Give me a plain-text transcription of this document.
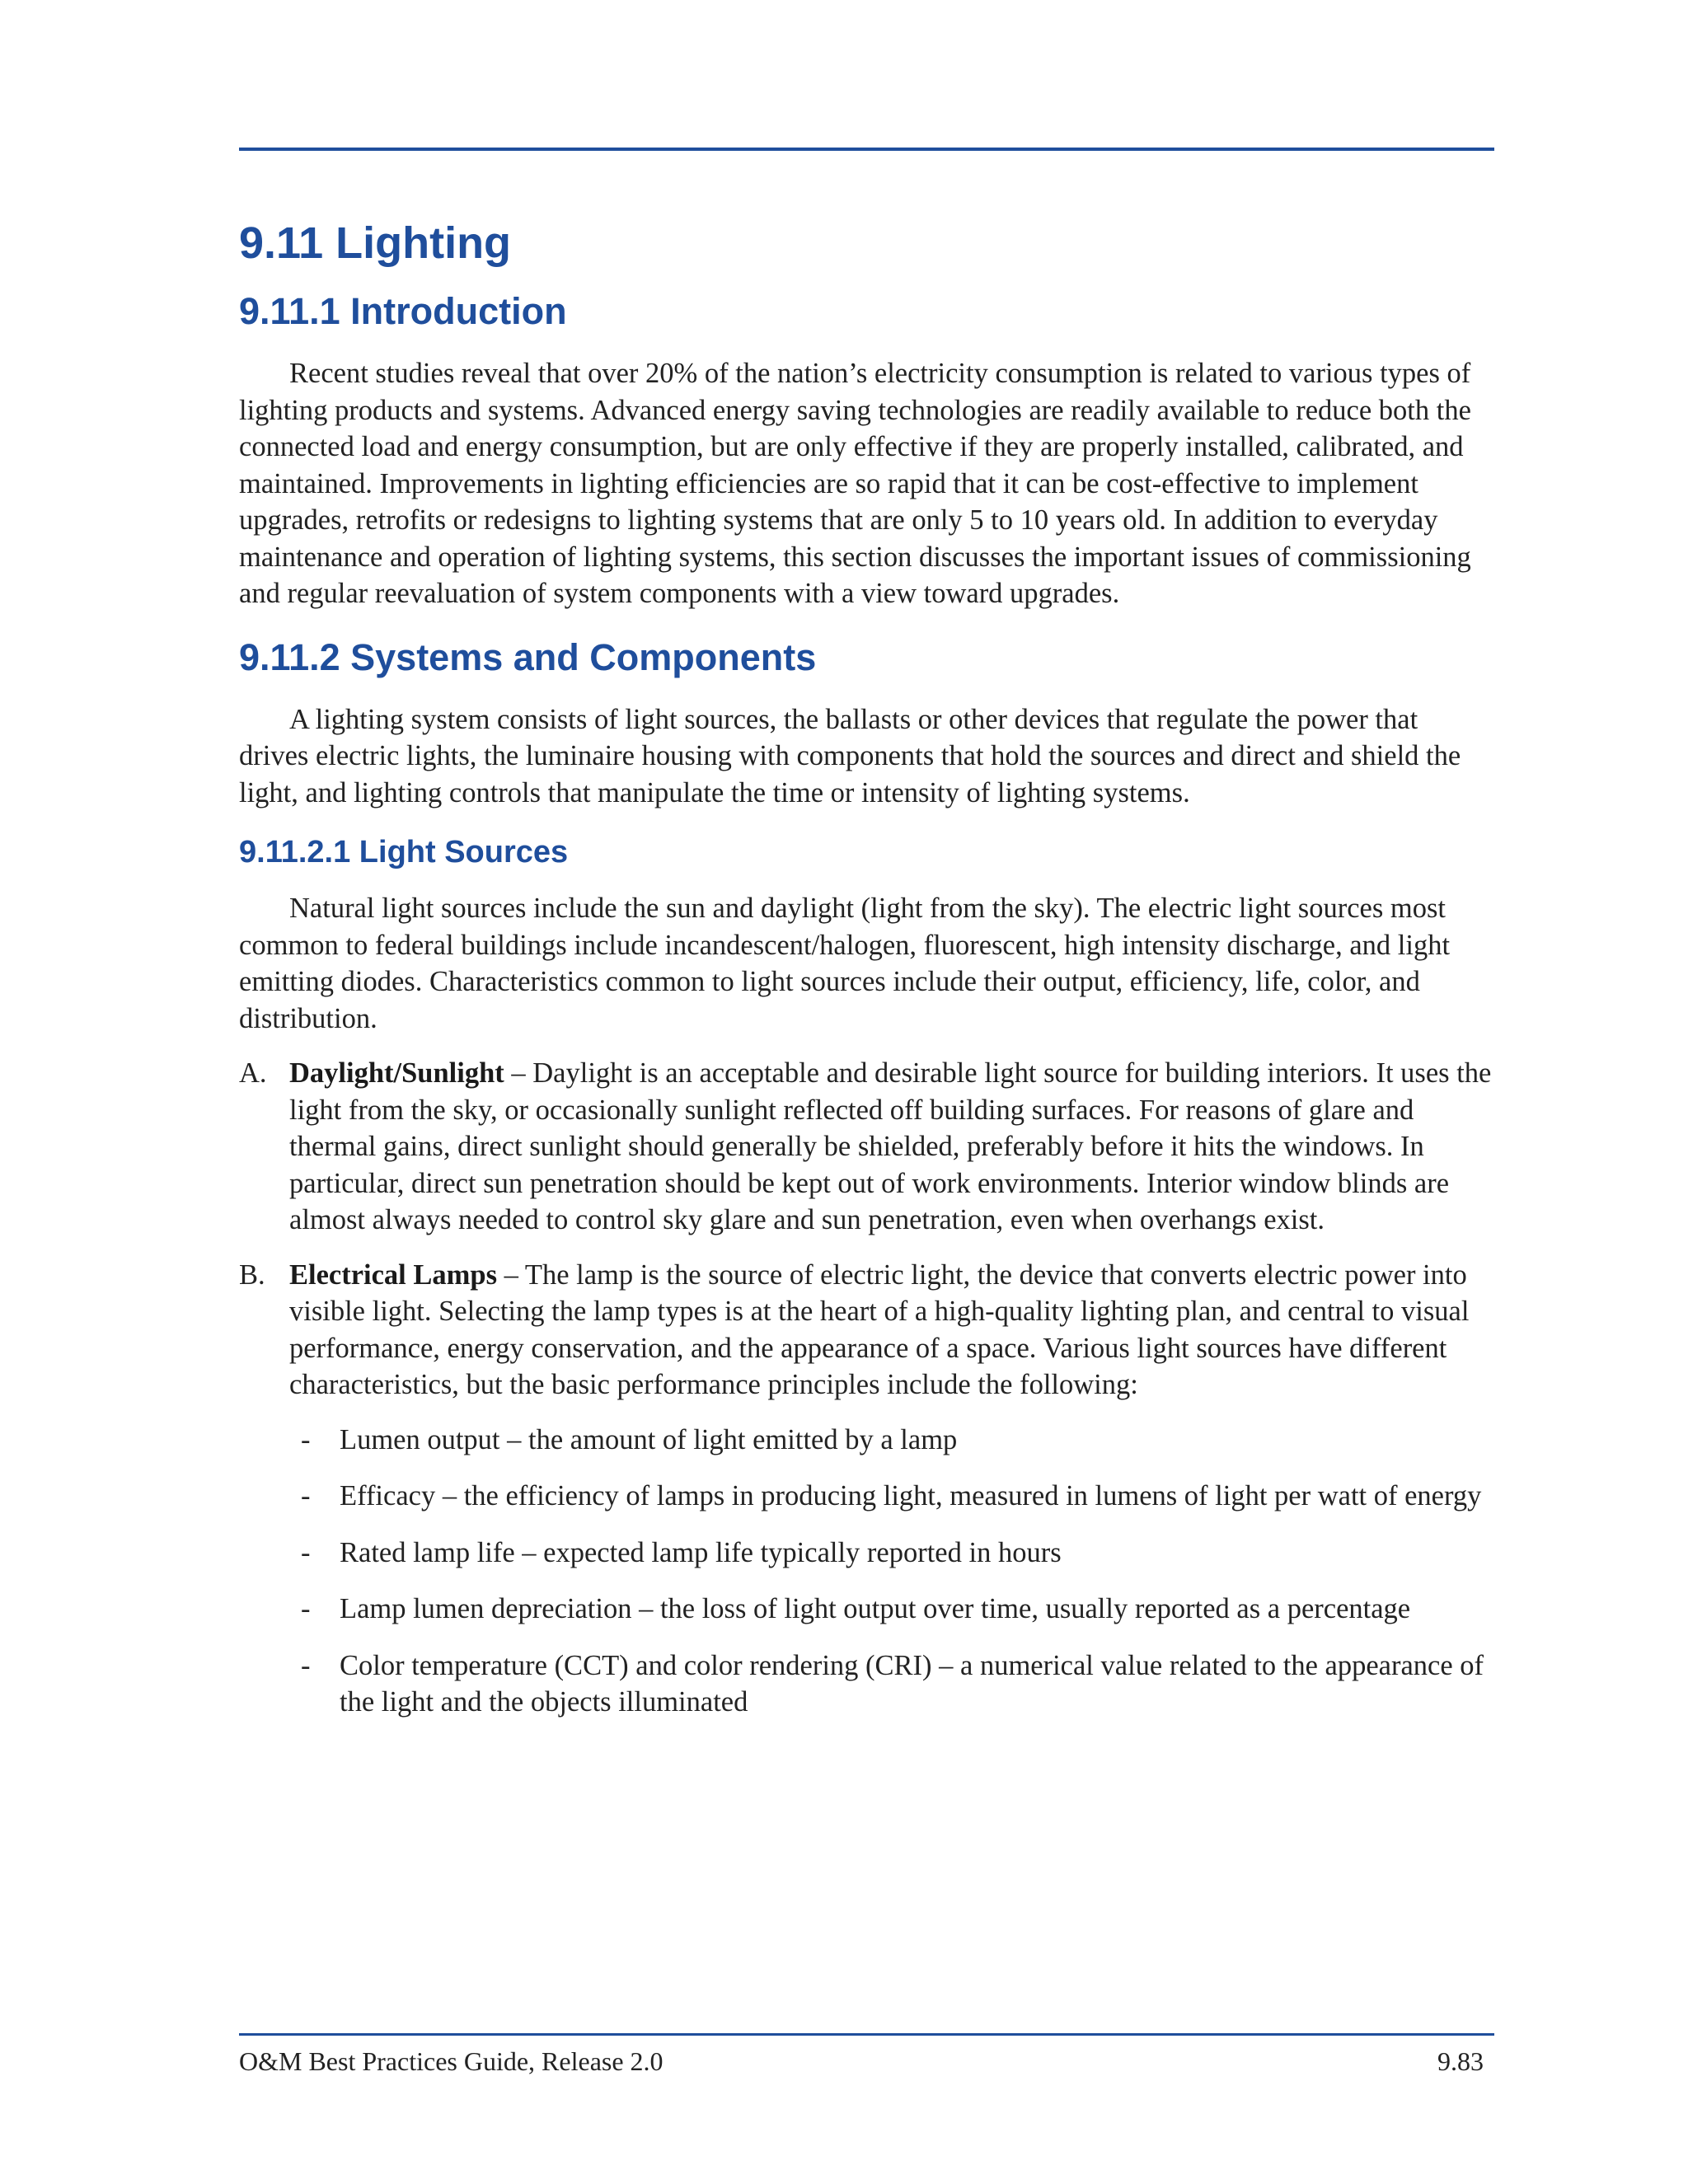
9.11 Lighting
9.11.1 Introduction

Recent studies reveal that over 20% of the nation’s electricity consumption is related to various types of lighting products and systems. Advanced energy saving technologies are readily available to reduce both the connected load and energy consumption, but are only effective if they are properly installed, calibrated, and maintained. Improvements in lighting efficiencies are so rapid that it can be cost-effective to implement upgrades, retrofits or redesigns to lighting systems that are only 5 to 10 years old. In addition to everyday maintenance and operation of lighting systems, this section discusses the important issues of commissioning and regular reevaluation of system components with a view toward upgrades.

9.11.2 Systems and Components

A lighting system consists of light sources, the ballasts or other devices that regulate the power that drives electric lights, the luminaire housing with components that hold the sources and direct and shield the light, and lighting controls that manipulate the time or intensity of lighting systems.

9.11.2.1 Light Sources

Natural light sources include the sun and daylight (light from the sky). The electric light sources most common to federal buildings include incandescent/halogen, fluorescent, high intensity discharge, and light emitting diodes. Characteristics common to light sources include their output, efficiency, life, color, and distribution.

A. Daylight/Sunlight – Daylight is an acceptable and desirable light source for building interiors. It uses the light from the sky, or occasionally sunlight reflected off building surfaces. For reasons of glare and thermal gains, direct sunlight should generally be shielded, preferably before it hits the windows. In particular, direct sun penetration should be kept out of work environments. Interior window blinds are almost always needed to control sky glare and sun penetration, even when overhangs exist.
B. Electrical Lamps – The lamp is the source of electric light, the device that converts electric power into visible light. Selecting the lamp types is at the heart of a high-quality lighting plan, and central to visual performance, energy conservation, and the appearance of a space. Various light sources have different characteristics, but the basic performance principles include the following:
- Lumen output – the amount of light emitted by a lamp
- Efficacy – the efficiency of lamps in producing light, measured in lumens of light per watt of energy
- Rated lamp life – expected lamp life typically reported in hours
- Lamp lumen depreciation – the loss of light output over time, usually reported as a percentage
- Color temperature (CCT) and color rendering (CRI) – a numerical value related to the appearance of the light and the objects illuminated
O&M Best Practices Guide, Release 2.0	9.83
